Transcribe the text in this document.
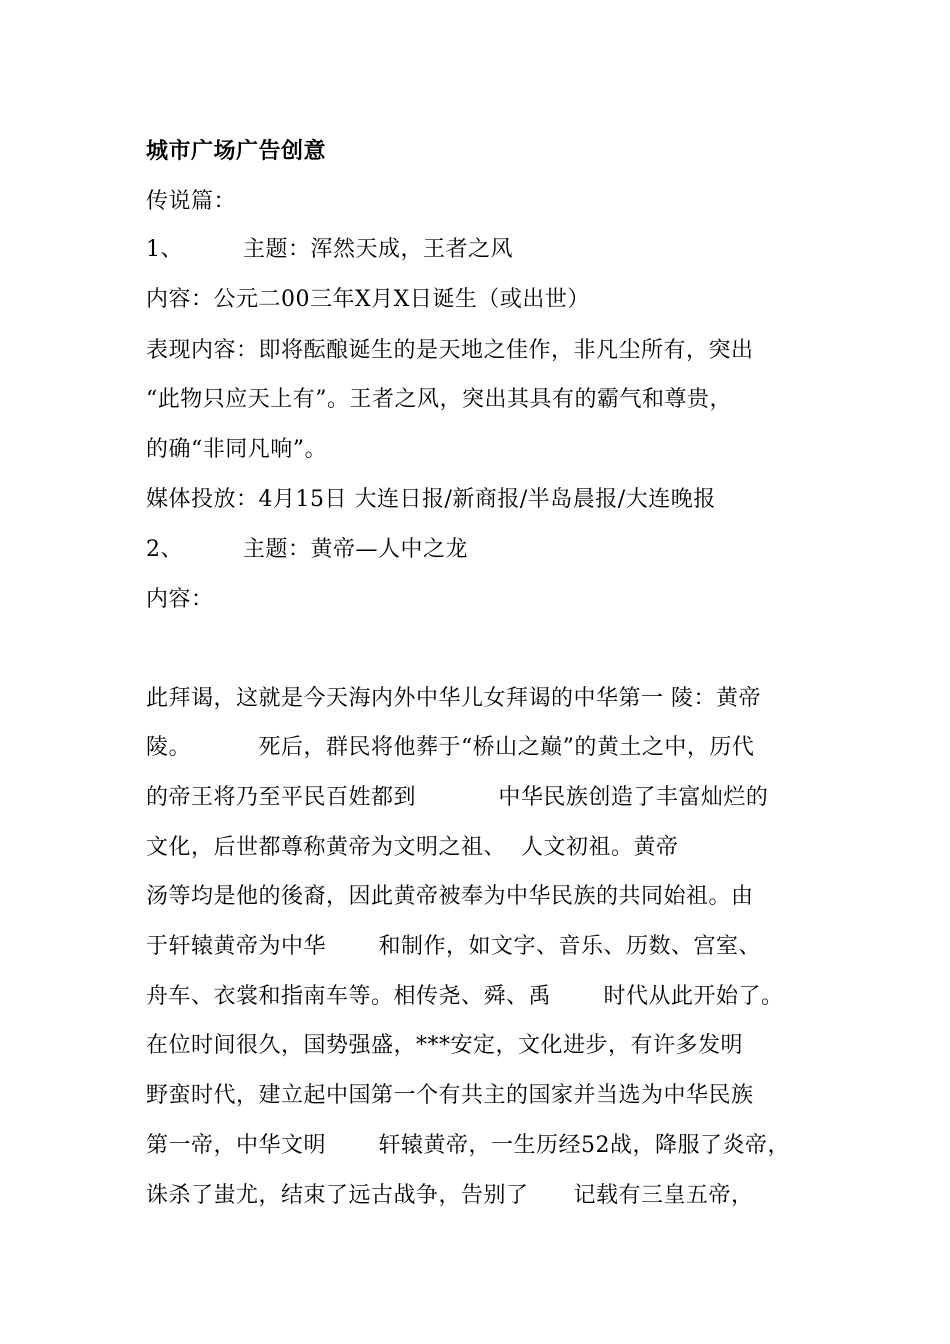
城市广场广告创意
传说篇：
1、        主题：浑然天成，王者之风
内容：公元二00三年X月X日诞生（或出世）
表现内容：即将酝酿诞生的是天地之佳作，非凡尘所有，突出
“此物只应天上有”。王者之风，突出其具有的霸气和尊贵，
的确“非同凡响”。
媒体投放：4月15日 大连日报/新商报/半岛晨报/大连晚报
2、        主题：黄帝—人中之龙
内容：
此拜谒，这就是今天海内外中华儿女拜谒的中华第一 陵：黄帝
陵。         死后，群民将他葬于“桥山之巅”的黄土之中，历代
的帝王将乃至平民百姓都到           中华民族创造了丰富灿烂的
文化，后世都尊称黄帝为文明之祖、  人文初祖。黄帝
汤等均是他的後裔，因此黄帝被奉为中华民族的共同始祖。由
于轩辕黄帝为中华       和制作，如文字、音乐、历数、宫室、
舟车、衣裳和指南车等。相传尧、舜、禹       时代从此开始了。
在位时间很久，国势强盛，***安定，文化进步，有许多发明
野蛮时代，建立起中国第一个有共主的国家并当选为中华民族
第一帝，中华文明       轩辕黄帝，一生历经52战，降服了炎帝，
诛杀了蚩尤，结束了远古战争，告别了      记载有三皇五帝，
